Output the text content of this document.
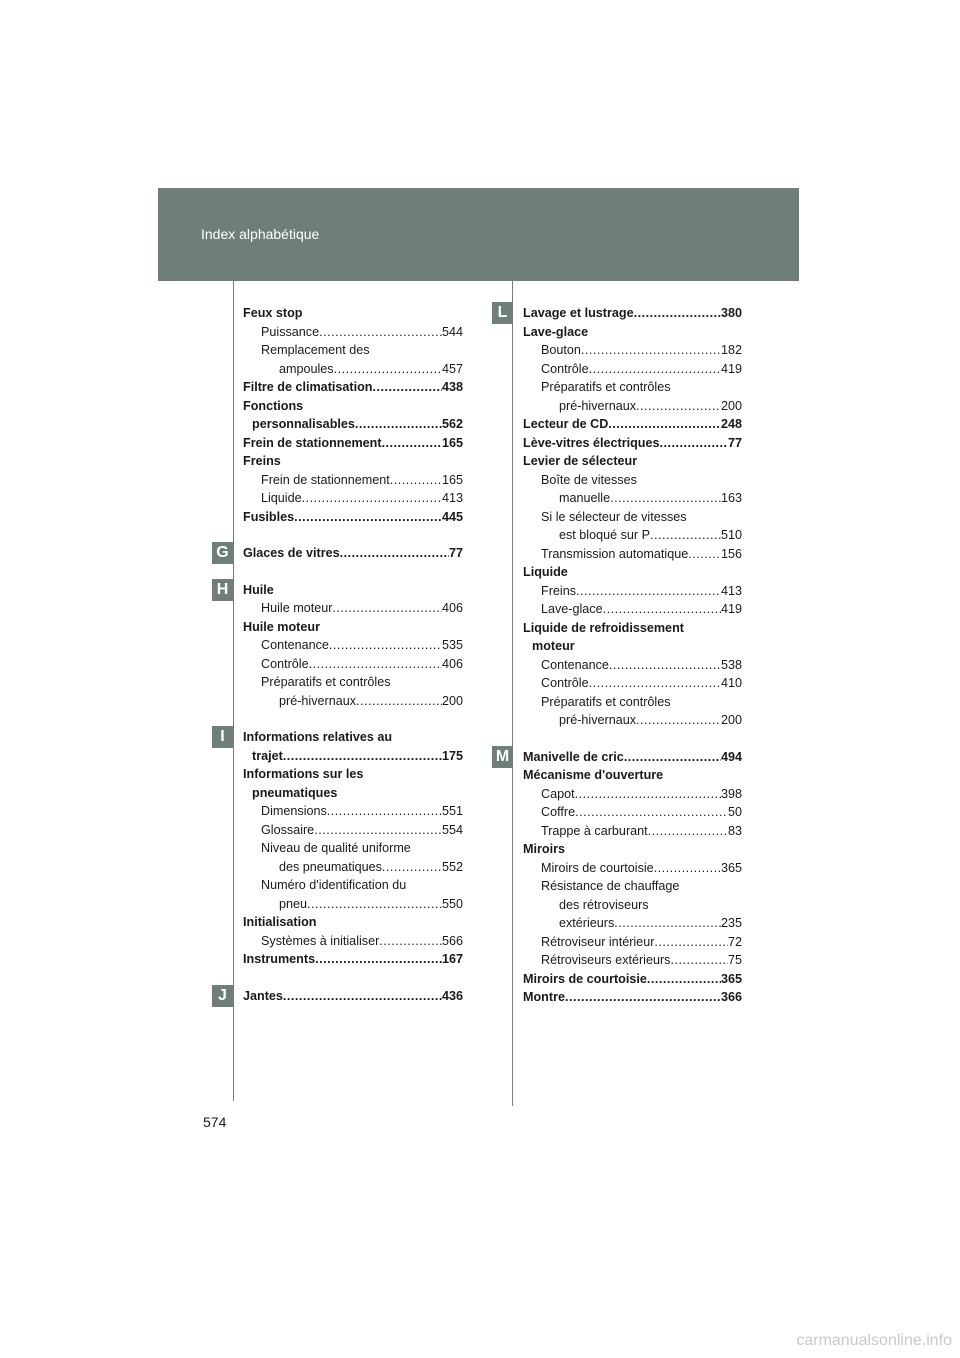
Index alphabétique
Feux stop
Puissance .....	544
Remplacement des
ampoules .....	457
Filtre de climatisation .....	438
Fonctions
personnalisables .....	562
Frein de stationnement .....	165
Freins
Frein de stationnement .....	165
Liquide .....	413
Fusibles .....	445
Glaces de vitres .....	77
Huile
Huile moteur .....	406
Huile moteur
Contenance .....	535
Contrôle .....	406
Préparatifs et contrôles
pré-hivernaux .....	200
Informations relatives au
trajet .....	175
Informations sur les
pneumatiques
Dimensions .....	551
Glossaire .....	554
Niveau de qualité uniforme
des pneumatiques .....	552
Numéro d'identification du
pneu .....	550
Initialisation
Systèmes à initialiser .....	566
Instruments .....	167
Jantes .....	436
Lavage et lustrage .....	380
Lave-glace
Bouton .....	182
Contrôle .....	419
Préparatifs et contrôles
pré-hivernaux .....	200
Lecteur de CD .....	248
Lève-vitres électriques .....	77
Levier de sélecteur
Boîte de vitesses
manuelle .....	163
Si le sélecteur de vitesses
est bloqué sur P .....	510
Transmission automatique .....	156
Liquide
Freins .....	413
Lave-glace .....	419
Liquide de refroidissement
moteur
Contenance .....	538
Contrôle .....	410
Préparatifs et contrôles
pré-hivernaux .....	200
Manivelle de cric .....	494
Mécanisme d'ouverture
Capot .....	398
Coffre .....	50
Trappe à carburant .....	83
Miroirs
Miroirs de courtoisie .....	365
Résistance de chauffage
des rétroviseurs
extérieurs .....	235
Rétroviseur intérieur .....	72
Rétroviseurs extérieurs .....	75
Miroirs de courtoisie .....	365
Montre .....	366
574
carmanualsonline.info
G
H
I
J
L
M
